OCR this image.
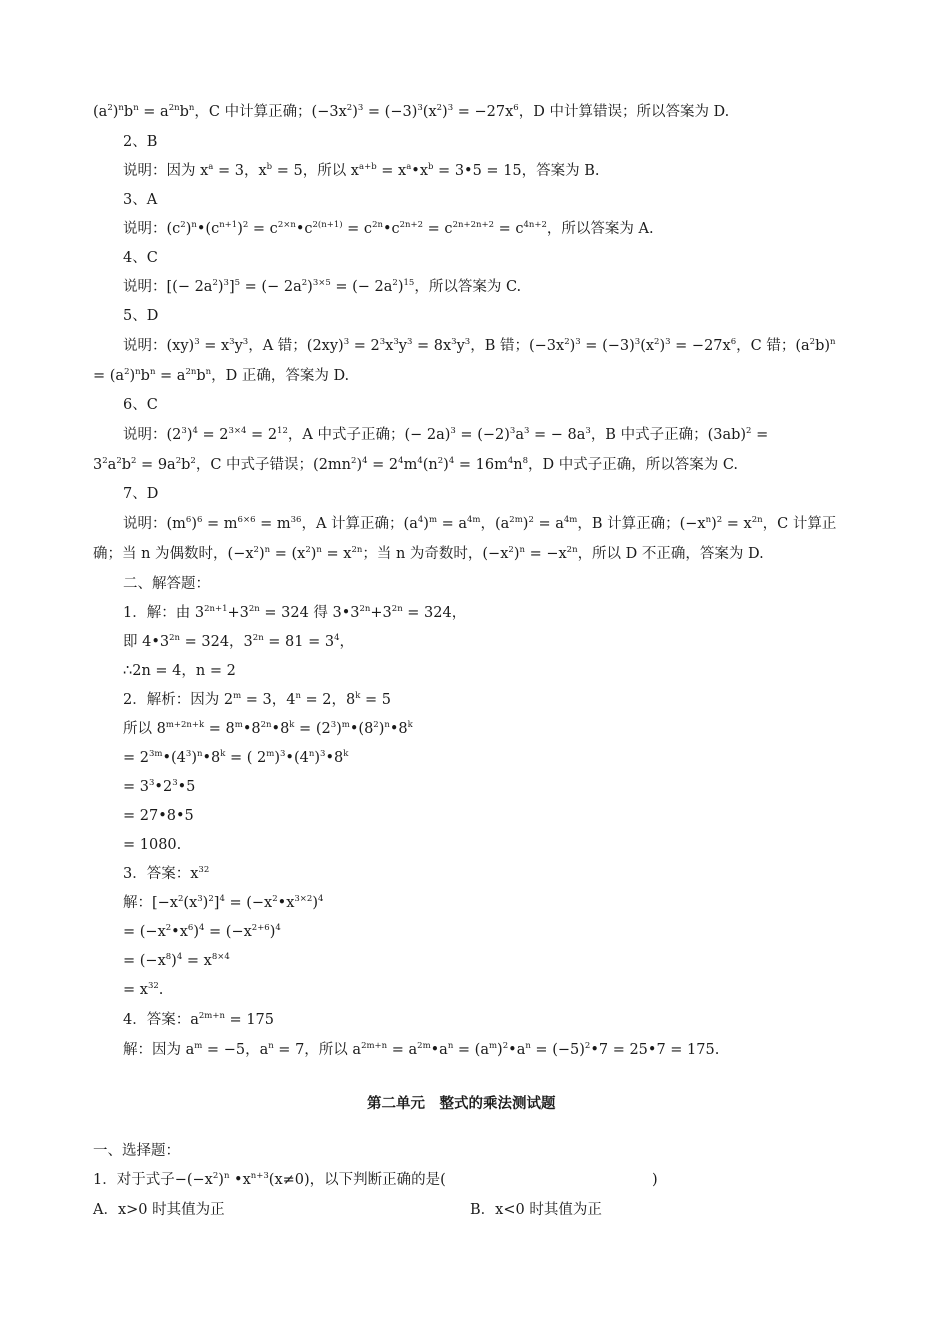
$(a^2)^nb^n = a^{2n}b^n$，C 中计算正确；$(-3x^2)^3 = (-3)^3(x^2)^3 = -27x^6$，D 中计算错误；所以答案为 D.
2、B
说明：因为 $x^a = 3$，$x^b = 5$，所以 $x^{a+b}$ = $x^a•x^b$ = 3•5 = 15，答案为 B.
3、A
说明：$(c^2)^n•(c^{n+1})^2$ = $c^{2\times n}•c^{2(n+1)}$ = $c^{2n}•c^{2n+2} = c^{2n+2n+2} = c^{4n+2}$，所以答案为 A.
4、C
说明：[(− $2a^2)^3]^5$ = (− $2a^2)^{3\times 5}$ = (− $2a^2)^{15}$，所以答案为 C.
5、D
说明：$(xy)^3 = x^3y^3$，A 错；$(2xy)^3 = 2^3x^3y^3 = 8x^3y^3$，B 错；$(-3x^2)^3 = (-3)^3(x^2)^3 = -27x^6$，C 错；$(a^2b)^n$
= $(a^2)^nb^n = a^{2n}b^n$，D 正确，答案为 D.
6、C
说明：$(2^3)^4 = 2^{3\times 4} = 2^{12}$，A 中式子正确；(− $2a)^3 = (-2)^3a^3$ = − $8a^3$，B 中式子正确；$(3ab)^2$ =
$3^2a^2b^2 = 9a^2b^2$，C 中式子错误；$(2mn^2)^4 = 2^4m^4(n^2)^4 = 16m^4n^8$，D 中式子正确，所以答案为 C.
7、D
说明：$(m^6)^6 = m^{6\times 6} = m^{36}$，A 计算正确；$(a^4)^m = a^{4m}$，$(a^{2m})^2 = a^{4m}$，B 计算正确；$(-x^n)^2 = x^{2n}$，C 计算正
确；当 n 为偶数时，$(-x^2)^n = (x^2)^n = x^{2n}$；当 n 为奇数时，$(-x^2)^n = -x^{2n}$，所以 D 不正确，答案为 D.
二、解答题：
1．解：由 $3^{2n+1}+3^{2n} = 324$ 得 $3•3^{2n}+3^{2n} = 324$，
即 $4•3^{2n} = 324$，$3^{2n} = 81 = 3^4$，
∴2n = 4，n = 2
2．解析：因为 $2^m = 3$，$4^n = 2$，$8^k = 5$
所以 $8^{m+2n+k}$ = $8^m•8^{2n}•8^k$ = $(2^3)^m•(8^2)^n•8^k$
= $2^{3m}•(4^3)^n•8^k$ = ( $2^m)^3•(4^n)^3•8^k$
= $3^3•2^3•5$
= 27•8•5
= 1080.
3．答案：$x^{32}$
解：$[-x^2(x^3)^2]^4$ = $(-x^2•x^{3\times 2})^4$
= $(-x^2•x^6)^4 = (-x^{2+6})^4$
= $(-x^8)^4 = x^{8\times 4}$
= $x^{32}$.
4．答案：$a^{2m+n} = 175$
解：因为 $a^m = -5$，$a^n = 7$，所以 $a^{2m+n}$ = $a^{2m}•a^n$ = $(a^m)^2•a^n$ = $(-5)^2•7$ = 25•7 = 175.
第二单元　整式的乘法测试题
一、选择题：
1．对于式子$-(-x^2)^n$ $•x^{n+3}(x\ne 0)$，以下判断正确的是(	)
A．x>0 时其值为正	B．x<0 时其值为正
